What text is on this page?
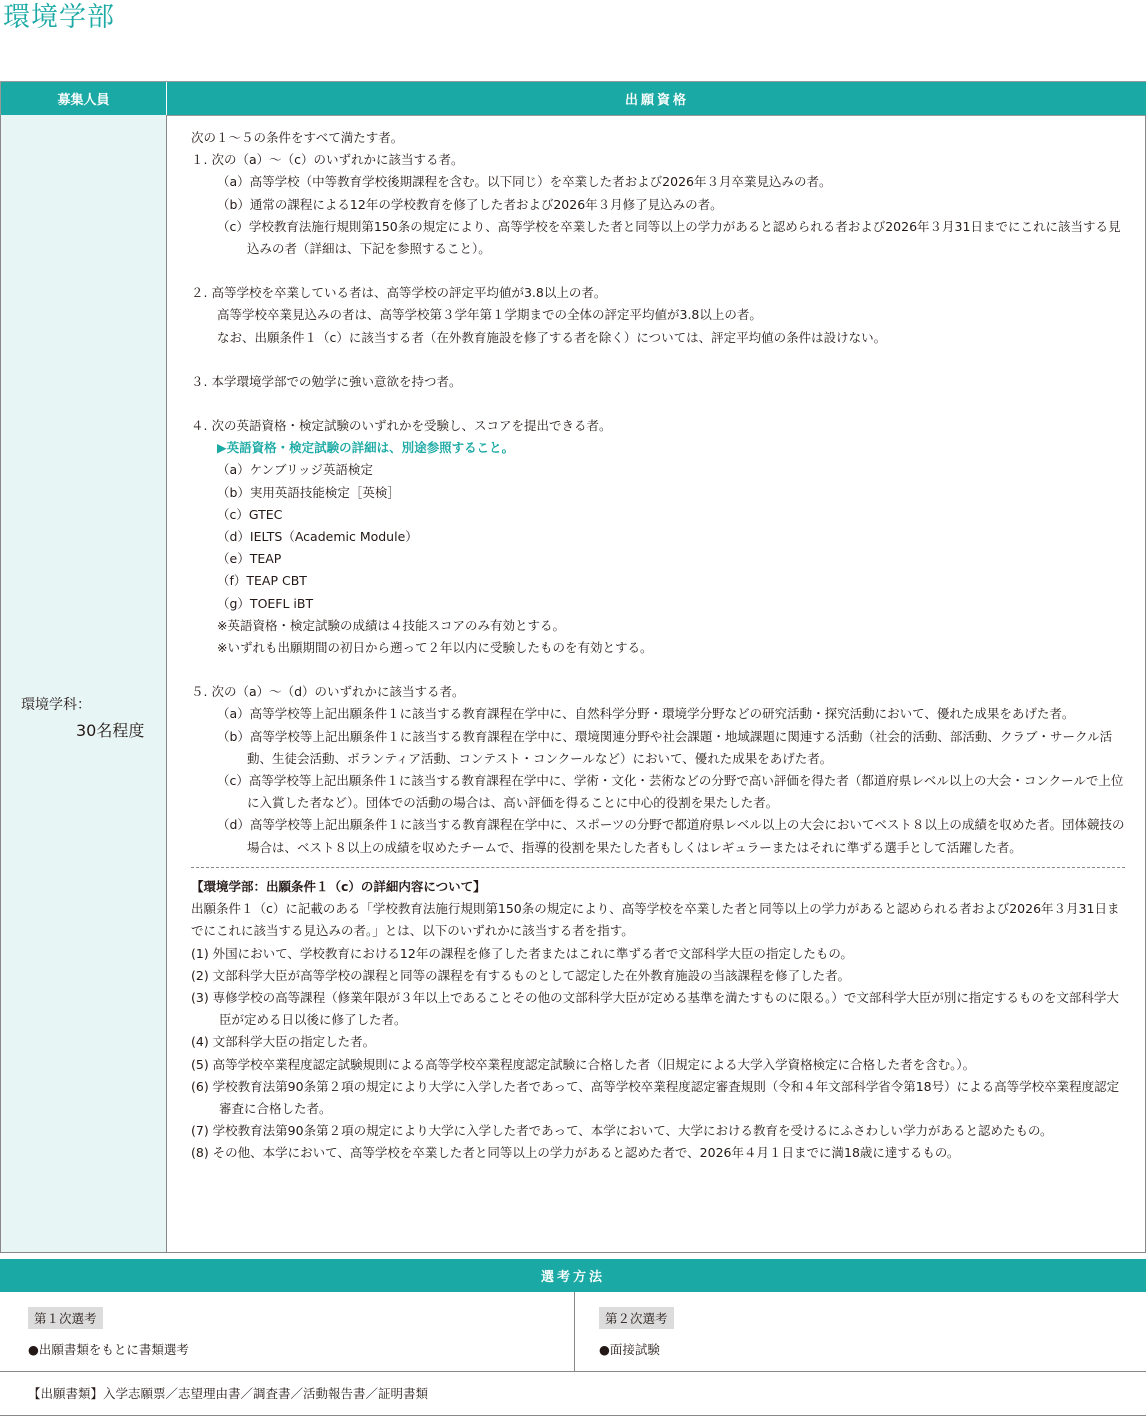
環境学部
募集人員	出願資格
環境学科：
30名程度
次の１～５の条件をすべて満たす者。
１. 次の（a）～（c）のいずれかに該当する者。
（a）高等学校（中等教育学校後期課程を含む。以下同じ）を卒業した者および2026年３月卒業見込みの者。
（b）通常の課程による12年の学校教育を修了した者および2026年３月修了見込みの者。
（c）学校教育法施行規則第150条の規定により、高等学校を卒業した者と同等以上の学力があると認められる者および2026年３月31日までにこれに該当する見込みの者（詳細は、下記を参照すること）。
２. 高等学校を卒業している者は、高等学校の評定平均値が3.8以上の者。
高等学校卒業見込みの者は、高等学校第３学年第１学期までの全体の評定平均値が3.8以上の者。
なお、出願条件１（c）に該当する者（在外教育施設を修了する者を除く）については、評定平均値の条件は設けない。
３. 本学環境学部での勉学に強い意欲を持つ者。
４. 次の英語資格・検定試験のいずれかを受験し、スコアを提出できる者。
▶英語資格・検定試験の詳細は、別途参照すること。
（a）ケンブリッジ英語検定
（b）実用英語技能検定［英検］
（c）GTEC
（d）IELTS（Academic Module）
（e）TEAP
（f）TEAP CBT
（g）TOEFL iBT
※英語資格・検定試験の成績は４技能スコアのみ有効とする。
※いずれも出願期間の初日から遡って２年以内に受験したものを有効とする。
５. 次の（a）～（d）のいずれかに該当する者。
（a）高等学校等上記出願条件１に該当する教育課程在学中に、自然科学分野・環境学分野などの研究活動・探究活動において、優れた成果をあげた者。
（b）高等学校等上記出願条件１に該当する教育課程在学中に、環境関連分野や社会課題・地域課題に関連する活動（社会的活動、部活動、クラブ・サークル活動、生徒会活動、ボランティア活動、コンテスト・コンクールなど）において、優れた成果をあげた者。
（c）高等学校等上記出願条件１に該当する教育課程在学中に、学術・文化・芸術などの分野で高い評価を得た者（都道府県レベル以上の大会・コンクールで上位に入賞した者など）。団体での活動の場合は、高い評価を得ることに中心的役割を果たした者。
（d）高等学校等上記出願条件１に該当する教育課程在学中に、スポーツの分野で都道府県レベル以上の大会においてベスト８以上の成績を収めた者。団体競技の場合は、ベスト８以上の成績を収めたチームで、指導的役割を果たした者もしくはレギュラーまたはそれに準ずる選手として活躍した者。
【環境学部：出願条件１（c）の詳細内容について】
出願条件１（c）に記載のある「学校教育法施行規則第150条の規定により、高等学校を卒業した者と同等以上の学力があると認められる者および2026年３月31日までにこれに該当する見込みの者。」とは、以下のいずれかに該当する者を指す。
(1) 外国において、学校教育における12年の課程を修了した者またはこれに準ずる者で文部科学大臣の指定したもの。
(2) 文部科学大臣が高等学校の課程と同等の課程を有するものとして認定した在外教育施設の当該課程を修了した者。
(3) 専修学校の高等課程（修業年限が３年以上であることその他の文部科学大臣が定める基準を満たすものに限る。）で文部科学大臣が別に指定するものを文部科学大臣が定める日以後に修了した者。
(4) 文部科学大臣の指定した者。
(5) 高等学校卒業程度認定試験規則による高等学校卒業程度認定試験に合格した者（旧規定による大学入学資格検定に合格した者を含む。）。
(6) 学校教育法第90条第２項の規定により大学に入学した者であって、高等学校卒業程度認定審査規則（令和４年文部科学省令第18号）による高等学校卒業程度認定審査に合格した者。
(7) 学校教育法第90条第２項の規定により大学に入学した者であって、本学において、大学における教育を受けるにふさわしい学力があると認めたもの。
(8) その他、本学において、高等学校を卒業した者と同等以上の学力があると認めた者で、2026年４月１日までに満18歳に達するもの。
選考方法
第１次選考
●出願書類をもとに書類選考
第２次選考
●面接試験
【出願書類】入学志願票／志望理由書／調査書／活動報告書／証明書類
